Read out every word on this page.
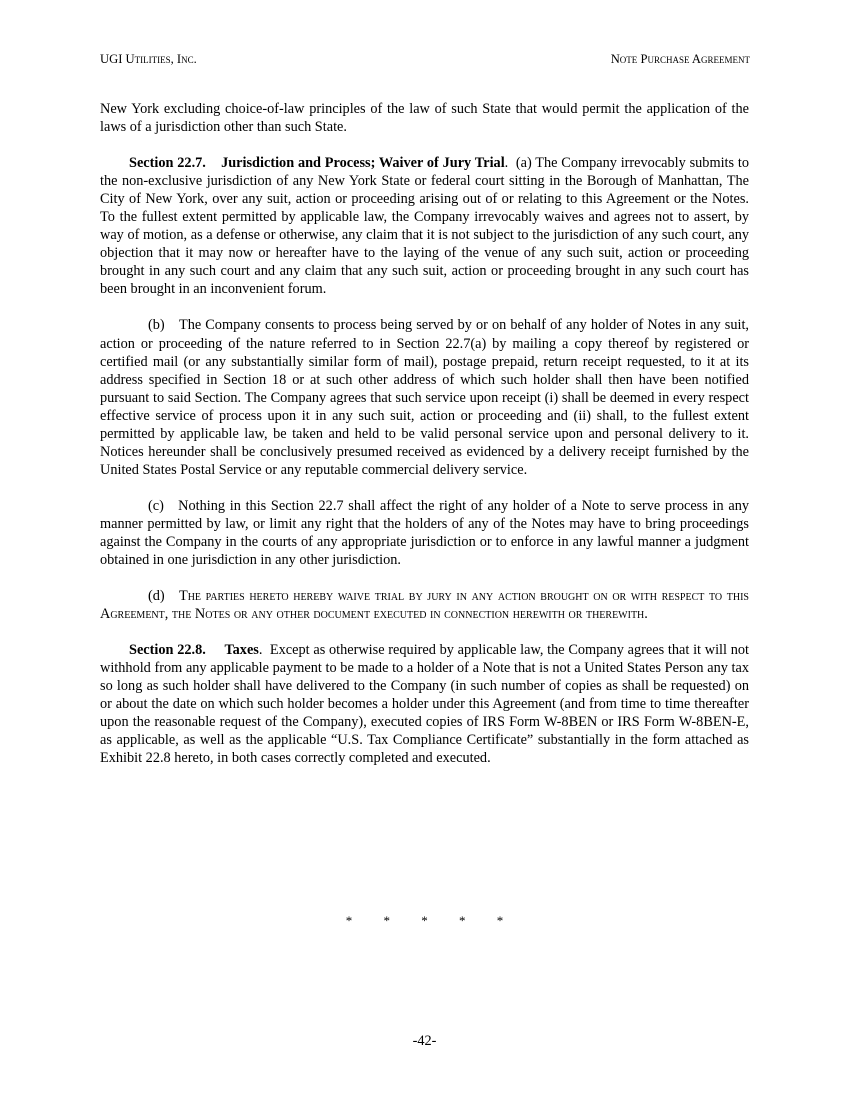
UGI Utilities, Inc.	Note Purchase Agreement

New York excluding choice-of-law principles of the law of such State that would permit the application of the laws of a jurisdiction other than such State.

Section 22.7. Jurisdiction and Process; Waiver of Jury Trial. (a) The Company irrevocably submits to the non-exclusive jurisdiction of any New York State or federal court sitting in the Borough of Manhattan, The City of New York, over any suit, action or proceeding arising out of or relating to this Agreement or the Notes. To the fullest extent permitted by applicable law, the Company irrevocably waives and agrees not to assert, by way of motion, as a defense or otherwise, any claim that it is not subject to the jurisdiction of any such court, any objection that it may now or hereafter have to the laying of the venue of any such suit, action or proceeding brought in any such court and any claim that any such suit, action or proceeding brought in any such court has been brought in an inconvenient forum.

(b) The Company consents to process being served by or on behalf of any holder of Notes in any suit, action or proceeding of the nature referred to in Section 22.7(a) by mailing a copy thereof by registered or certified mail (or any substantially similar form of mail), postage prepaid, return receipt requested, to it at its address specified in Section 18 or at such other address of which such holder shall then have been notified pursuant to said Section. The Company agrees that such service upon receipt (i) shall be deemed in every respect effective service of process upon it in any such suit, action or proceeding and (ii) shall, to the fullest extent permitted by applicable law, be taken and held to be valid personal service upon and personal delivery to it. Notices hereunder shall be conclusively presumed received as evidenced by a delivery receipt furnished by the United States Postal Service or any reputable commercial delivery service.

(c) Nothing in this Section 22.7 shall affect the right of any holder of a Note to serve process in any manner permitted by law, or limit any right that the holders of any of the Notes may have to bring proceedings against the Company in the courts of any appropriate jurisdiction or to enforce in any lawful manner a judgment obtained in one jurisdiction in any other jurisdiction.

(d) The parties hereto hereby waive trial by jury in any action brought on or with respect to this Agreement, the Notes or any other document executed in connection herewith or therewith.

Section 22.8. Taxes. Except as otherwise required by applicable law, the Company agrees that it will not withhold from any applicable payment to be made to a holder of a Note that is not a United States Person any tax so long as such holder shall have delivered to the Company (in such number of copies as shall be requested) on or about the date on which such holder becomes a holder under this Agreement (and from time to time thereafter upon the reasonable request of the Company), executed copies of IRS Form W-8BEN or IRS Form W-8BEN-E, as applicable, as well as the applicable “U.S. Tax Compliance Certificate” substantially in the form attached as Exhibit 22.8 hereto, in both cases correctly completed and executed.

* * * * *
-42-
